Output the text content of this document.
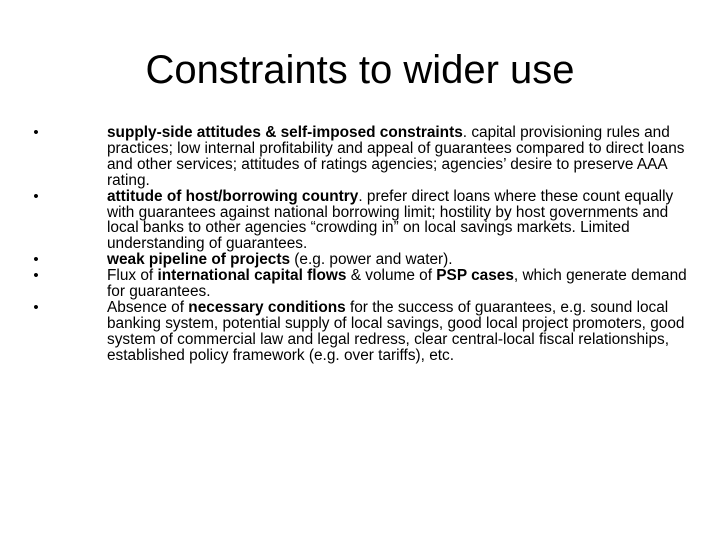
Constraints to wider use
•	supply-side attitudes & self-imposed constraints. capital provisioning rules and practices; low internal profitability and appeal of guarantees compared to direct loans and other services; attitudes of ratings agencies; agencies’ desire to preserve AAA rating.
•	attitude of host/borrowing country. prefer direct loans where these count equally with guarantees against national borrowing limit; hostility by host governments and local banks to other agencies “crowding in” on local savings markets. Limited understanding of guarantees.
•	weak pipeline of projects (e.g. power and water).
•	Flux of international capital flows & volume of PSP cases, which generate demand for guarantees.
•	Absence of necessary conditions for the success of guarantees, e.g. sound local banking system, potential supply of local savings, good local project promoters, good system of commercial law and legal redress, clear central-local fiscal relationships, established policy framework (e.g. over tariffs), etc.
